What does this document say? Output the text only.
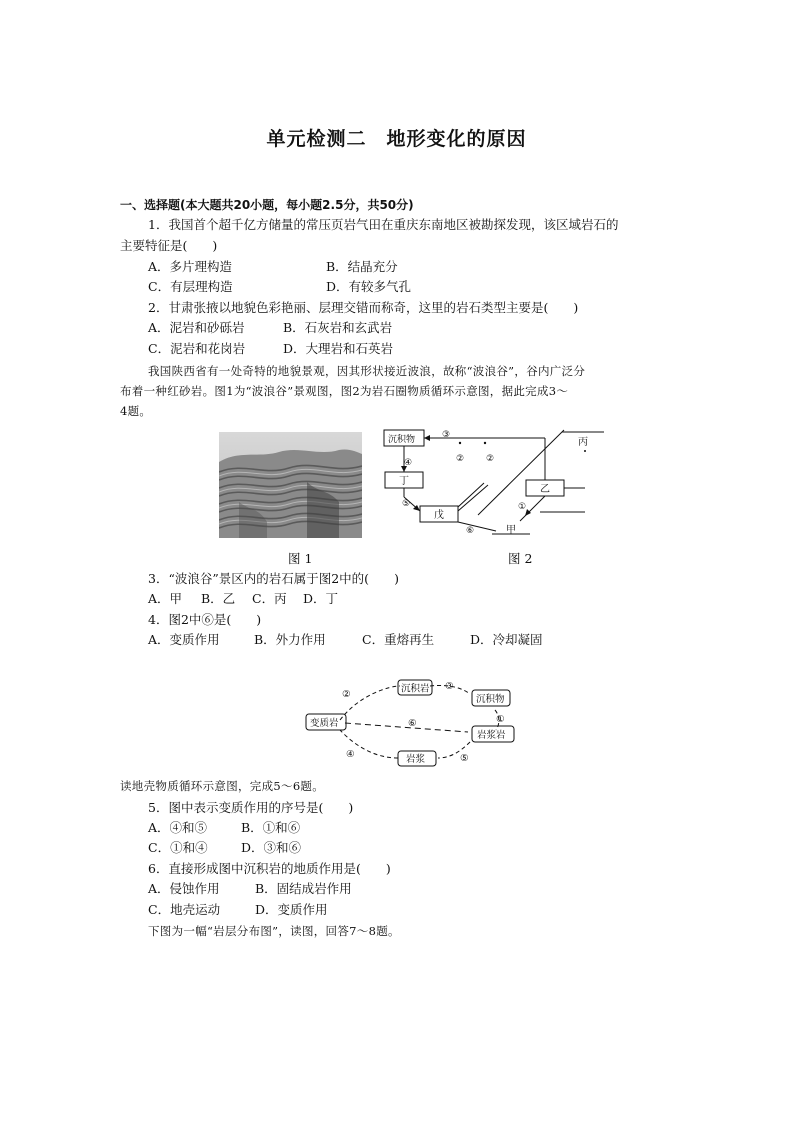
单元检测二　地形变化的原因
一、选择题(本大题共20小题，每小题2.5分，共50分)
1．我国首个超千亿方储量的常压页岩气田在重庆东南地区被勘探发现，该区域岩石的
主要特征是(　　)
A．多片理构造	B．结晶充分
C．有层理构造	D．有较多气孔
2．甘肃张掖以地貌色彩艳丽、层理交错而称奇，这里的岩石类型主要是(　　)
A．泥岩和砂砾岩	B．石灰岩和玄武岩
C．泥岩和花岗岩	D．大理岩和石英岩
我国陕西省有一处奇特的地貌景观，因其形状接近波浪，故称“波浪谷”，谷内广泛分
布着一种红砂岩。图1为“波浪谷”景观图，图2为岩石圈物质循环示意图，据此完成3～
4题。
图 1
沉积物
丁
戊
乙
丙
甲
③
② ②
④
⑤	①
⑥
图 2
3．“波浪谷”景区内的岩石属于图2中的(　　)
A．甲 B．乙 C．丙 D．丁
4．图2中⑥是(　　)
A．变质作用	B．外力作用	C．重熔再生	D．冷却凝固
沉积岩
沉积物
变质岩
岩浆岩
岩浆
②
③
①
⑥
④	⑤
读地壳物质循环示意图，完成5～6题。
5．图中表示变质作用的序号是(　　)
A．④和⑤	B．①和⑥
C．①和④	D．③和⑥
6．直接形成图中沉积岩的地质作用是(　　)
A．侵蚀作用	B．固结成岩作用
C．地壳运动	D．变质作用
下图为一幅“岩层分布图”，读图，回答7～8题。
